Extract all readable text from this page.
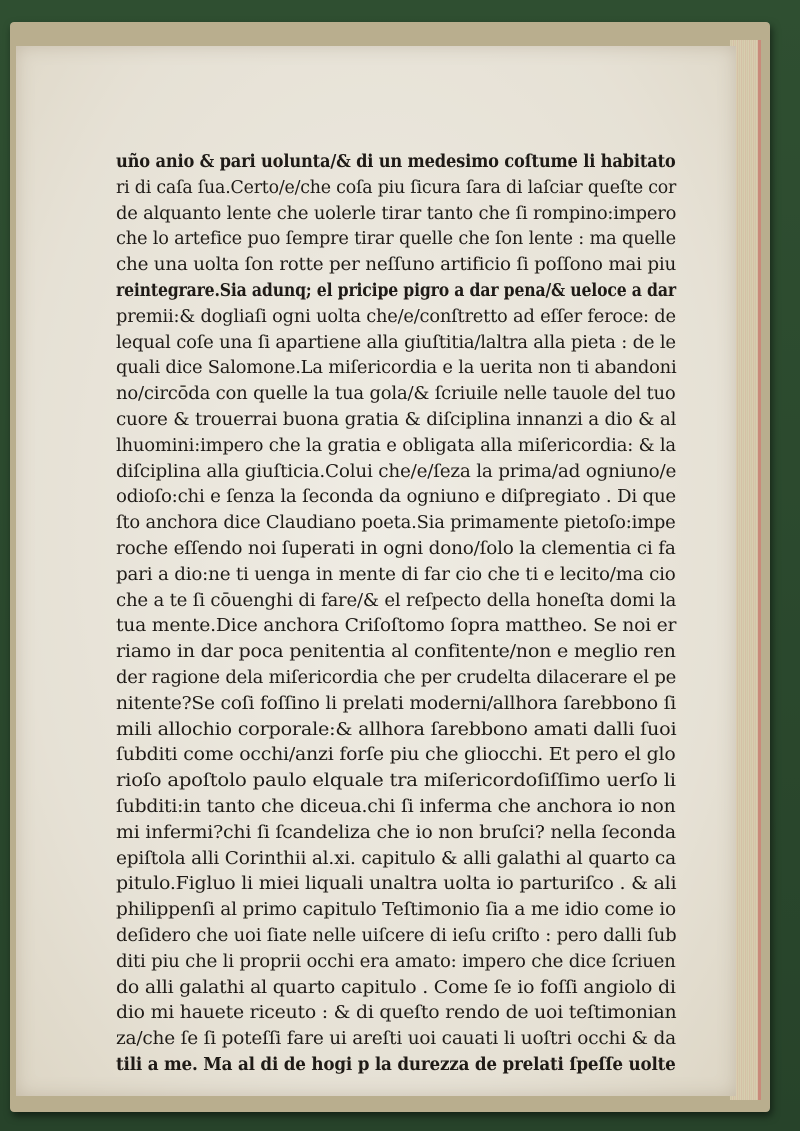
uño anio & pari uolunta/& di un medesimo coſtume li habitato
ri di caſa ſua.Certo/e/che coſa piu ſicura ſara di laſciar queſte cor
de alquanto lente che uolerle tirar tanto che ſi rompino:impero
che lo artefice puo ſempre tirar quelle che ſon lente : ma quelle
che una uolta ſon rotte per neſſuno artificio ſi poſſono mai piu
reintegrare.Sia adunq; el pricipe pigro a dar pena/& ueloce a dar
premii:& dogliaſi ogni uolta che/e/conſtretto ad eſſer feroce: de
lequal coſe una ſi apartiene alla giuſtitia/laltra alla pieta : de le
quali dice Salomone.La miſericordia e la uerita non ti abandoni
no/circōda con quelle la tua gola/& ſcriuile nelle tauole del tuo
cuore & trouerrai buona gratia & diſciplina innanzi a dio & al
lhuomini:impero che la gratia e obligata alla miſericordia: & la
diſciplina alla giuſticia.Colui che/e/ſeza la prima/ad ogniuno/e
odioſo:chi e ſenza la ſeconda da ogniuno e diſpregiato . Di que
ſto anchora dice Claudiano poeta.Sia primamente pietoſo:impe
roche eſſendo noi ſuperati in ogni dono/ſolo la clementia ci fa
pari a dio:ne ti uenga in mente di far cio che ti e lecito/ma cio
che a te ſi cōuenghi di fare/& el reſpecto della honeſta domi la
tua mente.Dice anchora Criſoſtomo ſopra mattheo. Se noi er
riamo in dar poca penitentia al confitente/non e meglio ren
der ragione dela miſericordia che per crudelta dilacerare el pe
nitente?Se coſi foſſino li prelati moderni/allhora ſarebbono ſi
mili allochio corporale:& allhora ſarebbono amati dalli ſuoi
ſubditi come occhi/anzi forſe piu che gliocchi. Et pero el glo
rioſo apoſtolo paulo elquale tra miſericordoſiſſimo uerſo li
ſubditi:in tanto che diceua.chi ſi inferma che anchora io non
mi infermi?chi ſi ſcandeliza che io non bruſci? nella ſeconda
epiſtola alli Corinthii al.xi. capitulo & alli galathi al quarto ca
pitulo.Figluo li miei liquali unaltra uolta io parturiſco . & ali
philippenſi al primo capitulo Teſtimonio ſia a me idio come io
deſidero che uoi ſiate nelle uiſcere di ieſu criſto : pero dalli ſub
diti piu che li proprii occhi era amato: impero che dice ſcriuen
do alli galathi al quarto capitulo . Come ſe io foſſi angiolo di
dio mi hauete riceuto : & di queſto rendo de uoi teſtimonian
za/che ſe ſi poteſſi fare ui areſti uoi cauati li uoſtri occhi & da
tili a me. Ma al di de hogi p la durezza de prelati ſpeſſe uolte
